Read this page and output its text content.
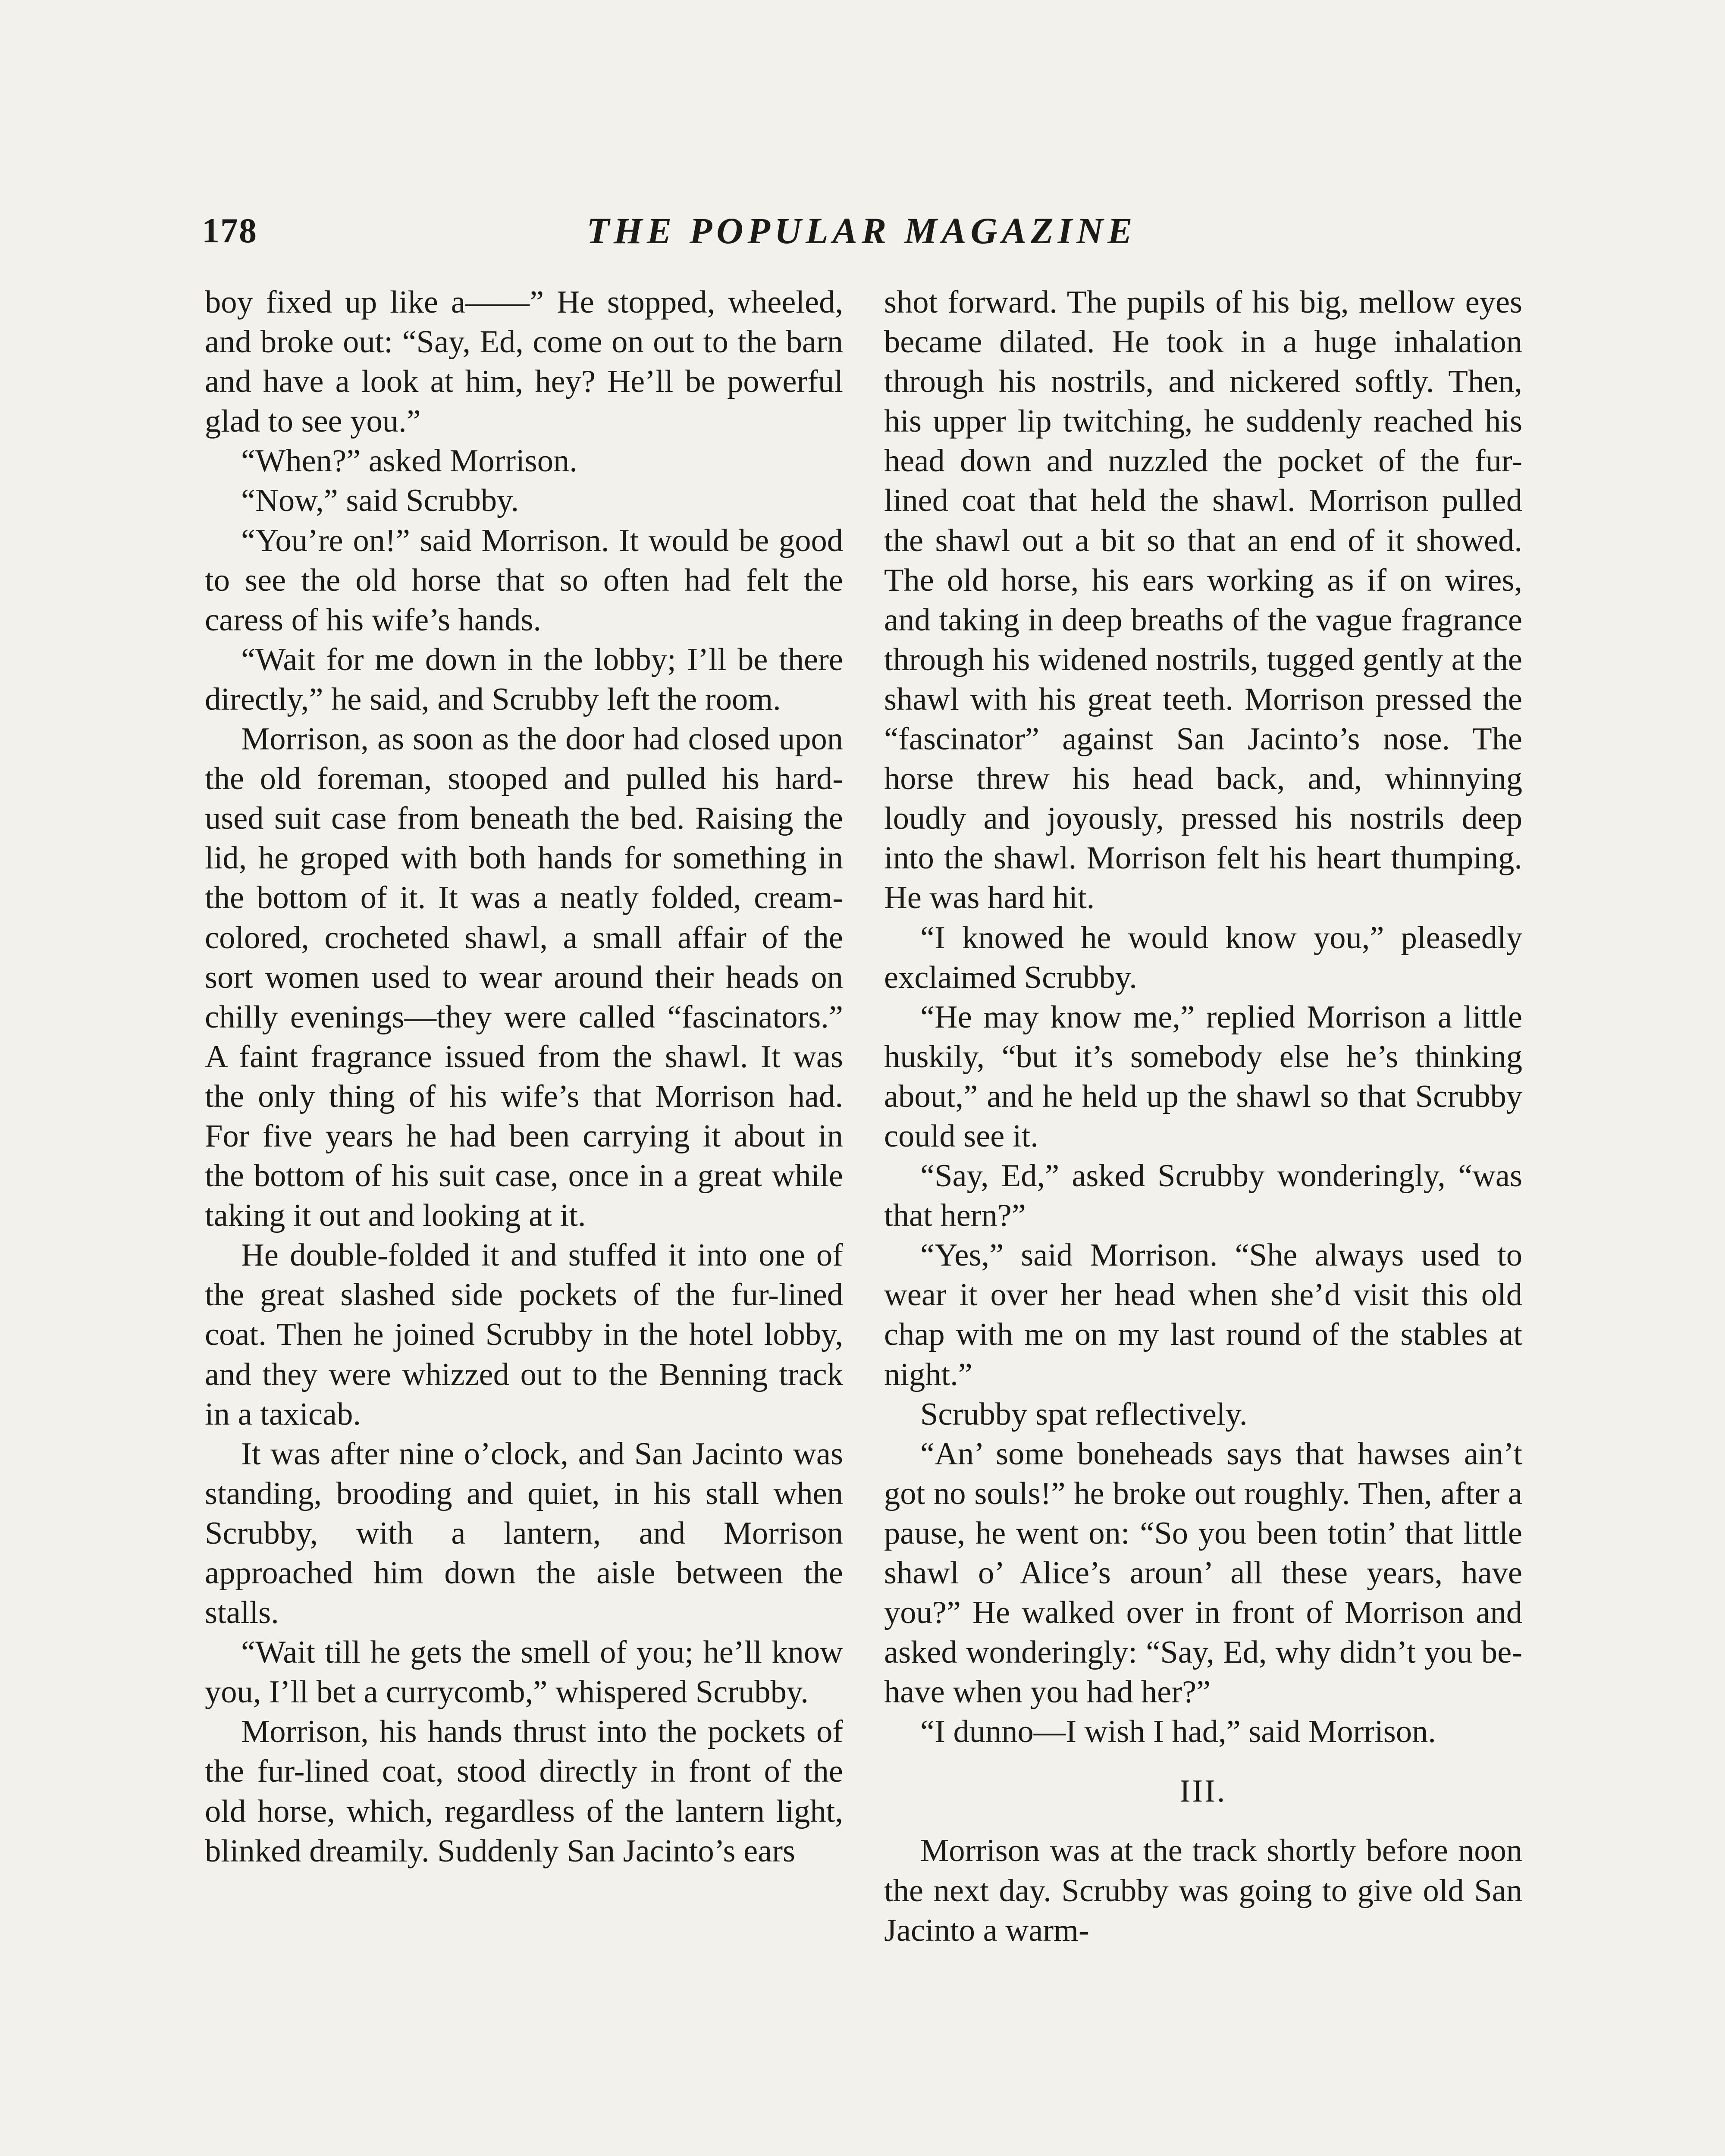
178	THE POPULAR MAGAZINE

boy fixed up like a——” He stopped, wheeled, and broke out: “Say, Ed, come on out to the barn and have a look at him, hey? He’ll be powerful glad to see you.”

“When?” asked Morrison.

“Now,” said Scrubby.

“You’re on!” said Morrison. It would be good to see the old horse that so often had felt the caress of his wife’s hands.

“Wait for me down in the lobby; I’ll be there directly,” he said, and Scrubby left the room.

Morrison, as soon as the door had closed upon the old foreman, stooped and pulled his hard-used suit case from beneath the bed. Raising the lid, he groped with both hands for something in the bottom of it. It was a neatly folded, cream-colored, crocheted shawl, a small affair of the sort women used to wear around their heads on chilly evenings—they were called “fascinators.” A faint fragrance issued from the shawl. It was the only thing of his wife’s that Morrison had. For five years he had been carrying it about in the bottom of his suit case, once in a great while taking it out and looking at it.

He double-folded it and stuffed it into one of the great slashed side pockets of the fur-lined coat. Then he joined Scrubby in the hotel lobby, and they were whizzed out to the Benning track in a taxicab.

It was after nine o’clock, and San Jacinto was standing, brooding and quiet, in his stall when Scrubby, with a lantern, and Morrison approached him down the aisle between the stalls.

“Wait till he gets the smell of you; he’ll know you, I’ll bet a currycomb,” whispered Scrubby.

Morrison, his hands thrust into the pockets of the fur-lined coat, stood directly in front of the old horse, which, regardless of the lantern light, blinked dreamily. Suddenly San Jacinto’s ears

shot forward. The pupils of his big, mellow eyes became dilated. He took in a huge inhalation through his nostrils, and nickered softly. Then, his upper lip twitching, he suddenly reached his head down and nuzzled the pocket of the fur-lined coat that held the shawl. Morrison pulled the shawl out a bit so that an end of it showed. The old horse, his ears working as if on wires, and taking in deep breaths of the vague fragrance through his widened nostrils, tugged gently at the shawl with his great teeth. Morrison pressed the “fascinator” against San Jacinto’s nose. The horse threw his head back, and, whinnying loudly and joyously, pressed his nostrils deep into the shawl. Morrison felt his heart thumping. He was hard hit.

“I knowed he would know you,” pleasedly exclaimed Scrubby.

“He may know me,” replied Morrison a little huskily, “but it’s somebody else he’s thinking about,” and he held up the shawl so that Scrubby could see it.

“Say, Ed,” asked Scrubby wonderingly, “was that hern?”

“Yes,” said Morrison. “She always used to wear it over her head when she’d visit this old chap with me on my last round of the stables at night.”

Scrubby spat reflectively.

“An’ some boneheads says that hawses ain’t got no souls!” he broke out roughly. Then, after a pause, he went on: “So you been totin’ that little shawl o’ Alice’s aroun’ all these years, have you?” He walked over in front of Morrison and asked wonderingly: “Say, Ed, why didn’t you behave when you had her?”

“I dunno—I wish I had,” said Morrison.

III.

Morrison was at the track shortly before noon the next day. Scrubby was going to give old San Jacinto a warm-
